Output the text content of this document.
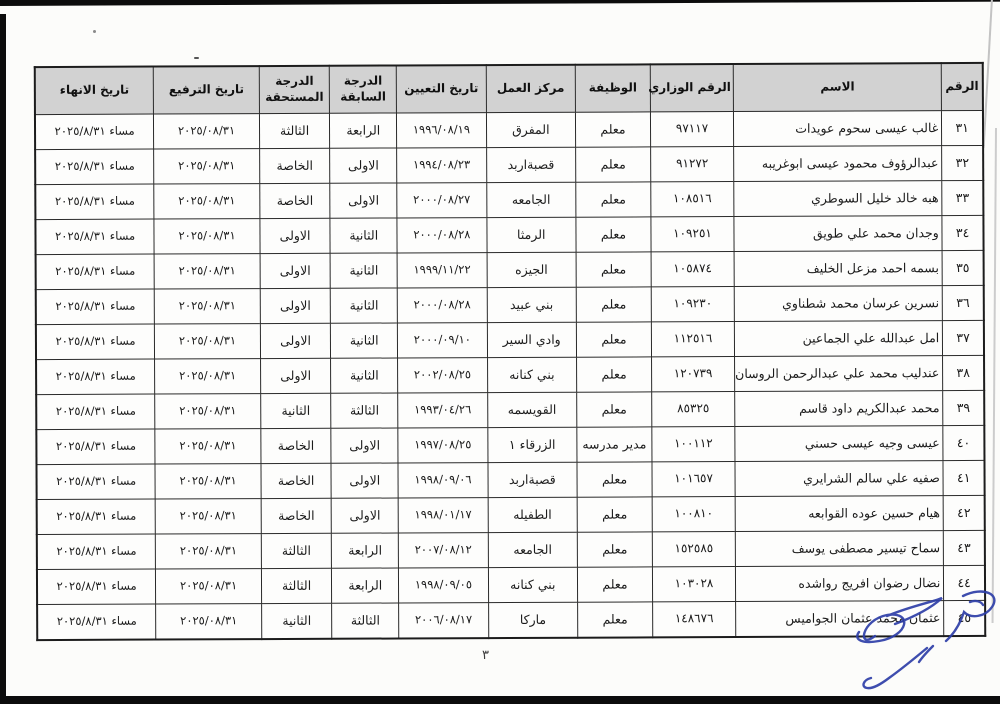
الرقم	الاسم	الرقم الوزاري	الوظيفة	مركز العمل	تاريخ التعيين	الدرجة السابقة	الدرجة المستحقة	تاريخ الترفيع	تاريخ الانهاء
٣١	غالب عيسى سحوم عويدات	٩٧١١٧	معلم	المفرق	١٩٩٦/٠٨/١٩	الرابعة	الثالثة	٢٠٢٥/٠٨/٣١	مساء ٢٠٢٥/٨/٣١
٣٢	عبدالرؤوف محمود عيسى ابوغريبه	٩١٢٧٢	معلم	قصبةاربد	١٩٩٤/٠٨/٢٣	الاولى	الخاصة	٢٠٢٥/٠٨/٣١	مساء ٢٠٢٥/٨/٣١
٣٣	هبه خالد خليل السوطري	١٠٨٥١٦	معلم	الجامعه	٢٠٠٠/٠٨/٢٧	الاولى	الخاصة	٢٠٢٥/٠٨/٣١	مساء ٢٠٢٥/٨/٣١
٣٤	وجدان محمد علي طويق	١٠٩٢٥١	معلم	الرمثا	٢٠٠٠/٠٨/٢٨	الثانية	الاولى	٢٠٢٥/٠٨/٣١	مساء ٢٠٢٥/٨/٣١
٣٥	بسمه احمد مزعل الخليف	١٠٥٨٧٤	معلم	الجيزه	١٩٩٩/١١/٢٢	الثانية	الاولى	٢٠٢٥/٠٨/٣١	مساء ٢٠٢٥/٨/٣١
٣٦	نسرين عرسان محمد شطناوي	١٠٩٢٣٠	معلم	بني عبيد	٢٠٠٠/٠٨/٢٨	الثانية	الاولى	٢٠٢٥/٠٨/٣١	مساء ٢٠٢٥/٨/٣١
٣٧	امل عبدالله علي الجماعين	١١٢٥١٦	معلم	وادي السير	٢٠٠٠/٠٩/١٠	الثانية	الاولى	٢٠٢٥/٠٨/٣١	مساء ٢٠٢٥/٨/٣١
٣٨	عندليب محمد علي عبدالرحمن الروسان	١٢٠٧٣٩	معلم	بني كنانه	٢٠٠٢/٠٨/٢٥	الثانية	الاولى	٢٠٢٥/٠٨/٣١	مساء ٢٠٢٥/٨/٣١
٣٩	محمد عبدالكريم داود قاسم	٨٥٣٢٥	معلم	القويسمه	١٩٩٣/٠٤/٢٦	الثالثة	الثانية	٢٠٢٥/٠٨/٣١	مساء ٢٠٢٥/٨/٣١
٤٠	عيسى وجيه عيسى حسني	١٠٠١١٢	مدير مدرسه	الزرقاء ١	١٩٩٧/٠٨/٢٥	الاولى	الخاصة	٢٠٢٥/٠٨/٣١	مساء ٢٠٢٥/٨/٣١
٤١	صفيه علي سالم الشرايري	١٠١٦٥٧	معلم	قصبةاربد	١٩٩٨/٠٩/٠٦	الاولى	الخاصة	٢٠٢٥/٠٨/٣١	مساء ٢٠٢٥/٨/٣١
٤٢	هيام حسين عوده القوابعه	١٠٠٨١٠	معلم	الطفيله	١٩٩٨/٠١/١٧	الاولى	الخاصة	٢٠٢٥/٠٨/٣١	مساء ٢٠٢٥/٨/٣١
٤٣	سماح تيسير مصطفى يوسف	١٥٢٥٨٥	معلم	الجامعه	٢٠٠٧/٠٨/١٢	الرابعة	الثالثة	٢٠٢٥/٠٨/٣١	مساء ٢٠٢٥/٨/٣١
٤٤	نضال رضوان افريج رواشده	١٠٣٠٢٨	معلم	بني كنانه	١٩٩٨/٠٩/٠٥	الرابعة	الثالثة	٢٠٢٥/٠٨/٣١	مساء ٢٠٢٥/٨/٣١
٤٥	عثمان محمد عثمان الجواميس	١٤٨٦٧٦	معلم	ماركا	٢٠٠٦/٠٨/١٧	الثالثة	الثانية	٢٠٢٥/٠٨/٣١	مساء ٢٠٢٥/٨/٣١
٣
